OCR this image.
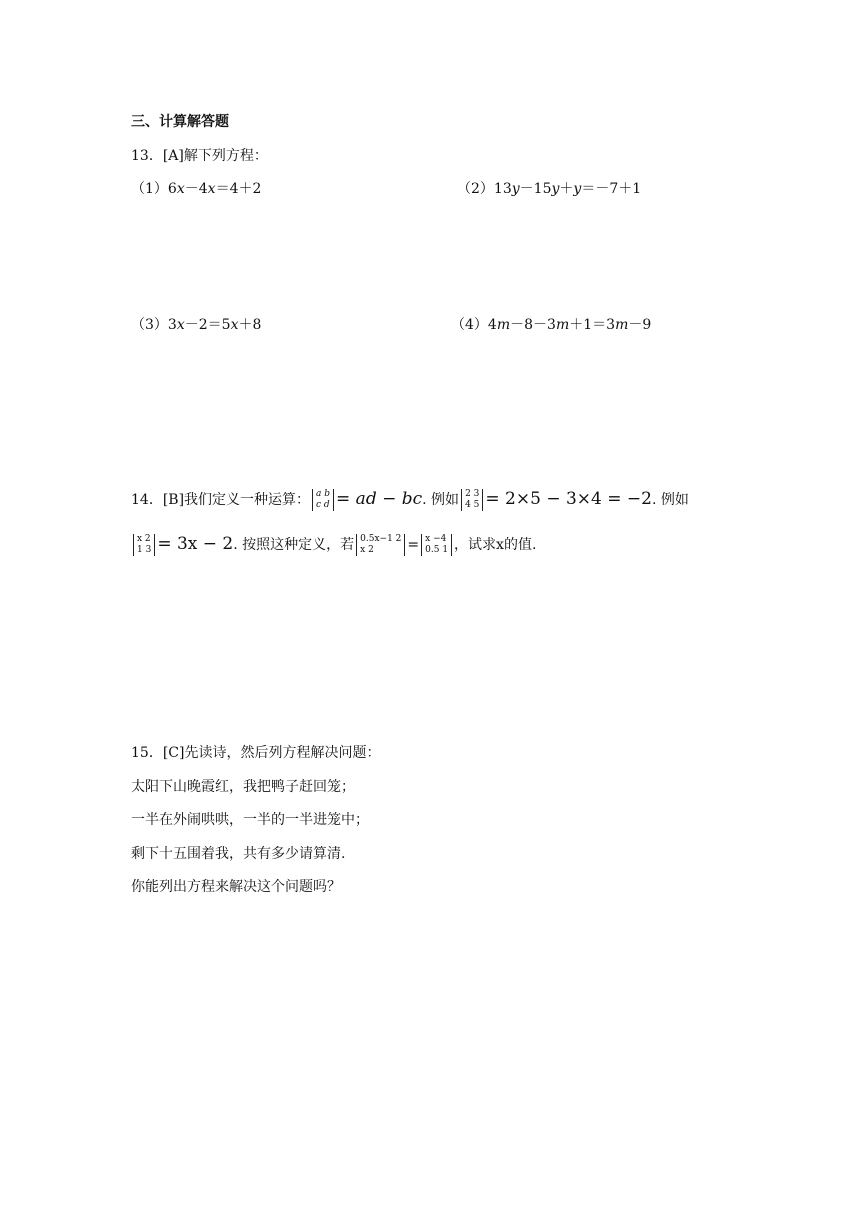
三、计算解答题
13．[A]解下列方程：
（1）6x－4x＝4＋2	（2）13y－15y＋y＝－7＋1
（3）3x－2＝5x＋8	（4）4m－8－3m＋1＝3m－9
14．[B]我们定义一种运算： a b
c d = ad − bc. 例如 2 3
4 5 = 2×5 − 3×4 = −2. 例如
x 2
1 3 = 3x − 2. 按照这种定义，若 0.5x−1 2
x 2	= x −4
0.5 1 ，试求x的值.
15．[C]先读诗，然后列方程解决问题：
太阳下山晚霞红，我把鸭子赶回笼；
一半在外闹哄哄，一半的一半进笼中；
剩下十五围着我，共有多少请算清.
你能列出方程来解决这个问题吗？
